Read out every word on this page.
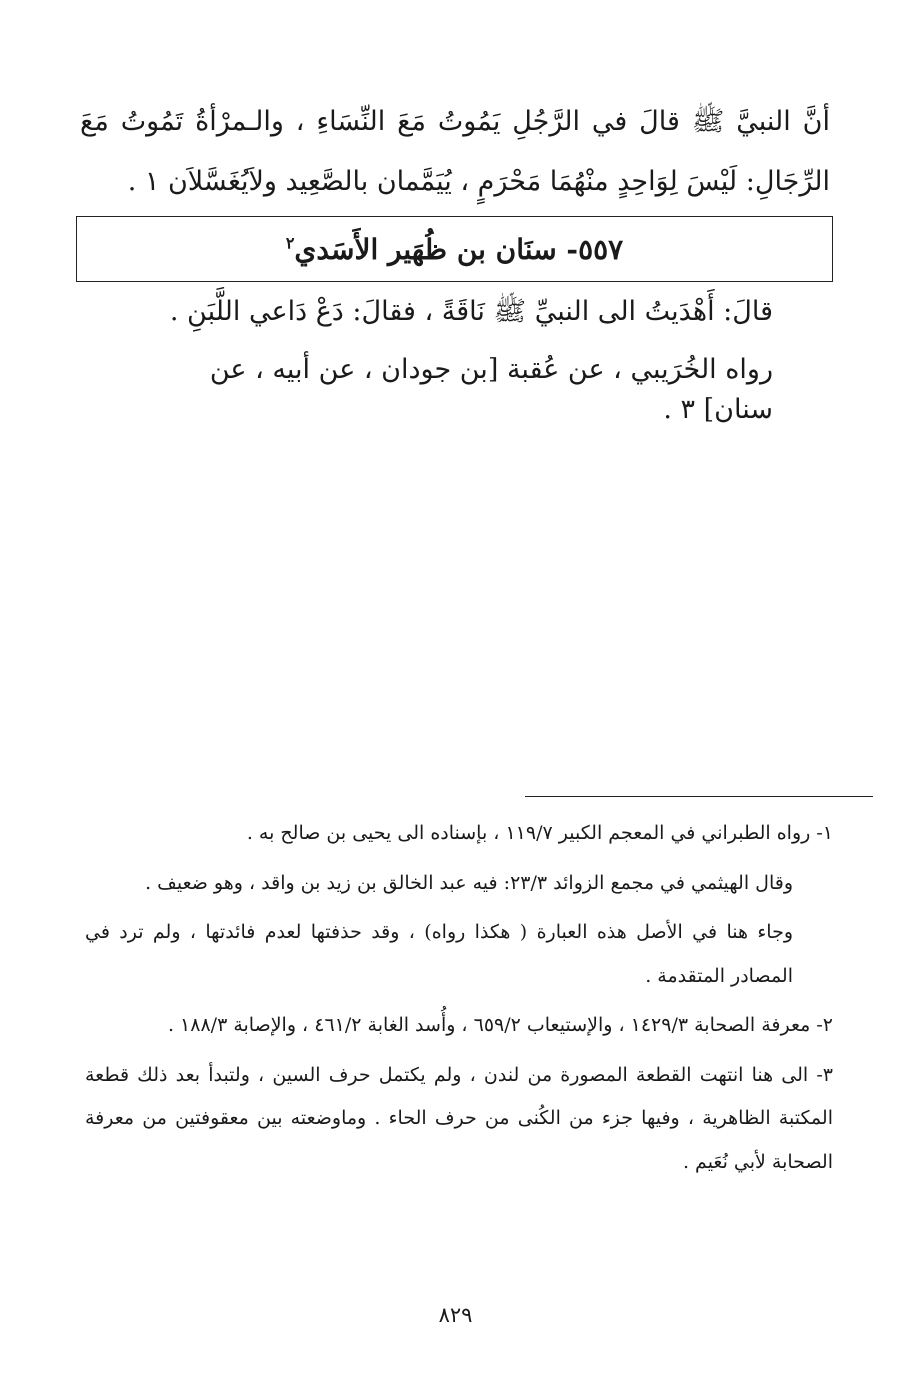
أنَّ النبيَّ ﷺ قالَ في الرَّجُلِ يَمُوتُ مَعَ النِّسَاءِ ، والـمرْأةُ تَمُوتُ مَعَ الرِّجَالِ: لَيْسَ لِوَاحِدٍ منْهُمَا مَحْرَمٍ ، يُيَمَّمان بالصَّعِيد ولاَيُغَسَّلاَن ١ .

٥٥٧- سنَان بن ظُهَير الأَسَدي$^٢$

قالَ: أَهْدَيتُ الى النبيِّ ﷺ نَاقَةً ، فقالَ: دَعْ دَاعي اللَّبَنِ .

رواه الخُرَيبي ، عن عُقبة [بن جودان ، عن أبيه ، عن سنان] ٣ .

١- رواه الطبراني في المعجم الكبير ١١٩/٧ ، بإسناده الى يحيى بن صالح به .

وقال الهيثمي في مجمع الزوائد ٢٣/٣: فيه عبد الخالق بن زيد بن واقد ، وهو ضعيف .

وجاء هنا في الأصل هذه العبارة ( هكذا رواه) ، وقد حذفتها لعدم فائدتها ، ولم ترد في المصادر المتقدمة .

٢- معرفة الصحابة ١٤٢٩/٣ ، والإستيعاب ٦٥٩/٢ ، وأُسد الغابة ٤٦١/٢ ، والإصابة ١٨٨/٣ .

٣- الى هنا انتهت القطعة المصورة من لندن ، ولم يكتمل حرف السين ، ولتبدأ بعد ذلك قطعة المكتبة الظاهرية ، وفيها جزء من الكُنى من حرف الحاء . وماوضعته بين معقوفتين من معرفة الصحابة لأبي نُعَيم .

٨٢٩
